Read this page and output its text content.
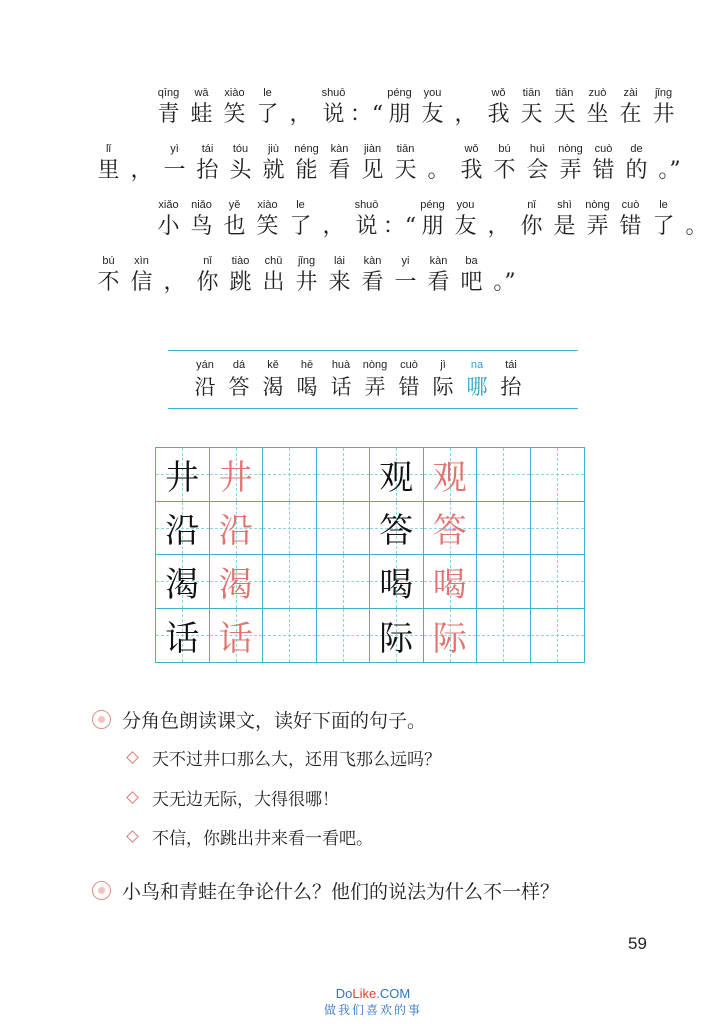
qīng
青
wā
蛙
xiào
笑
le
了 ，
shuō
说 ：“
péng
朋
you
友 ，
wǒ
我
tiān
天
tiān
天
zuò
坐
zài
在
jǐng
井
lǐ
里 ，
yì
一
tái
抬
tóu
头
jiù
就
néng
能
kàn
看
jiàn
见
tiān
天 。
wǒ
我
bú
不
huì
会
nòng
弄
cuò
错
de
的 。”
xiǎo
小
niǎo
鸟
yě
也
xiào
笑
le
了 ，
shuō
说 ：“
péng
朋
you
友 ，
nǐ
你
shì
是
nòng
弄
cuò
错
le
了 。
bú
不
xìn
信 ，
nǐ
你
tiào
跳
chū
出
jǐng
井
lái
来
kàn
看
yi
一
kàn
看
ba
吧 。”
yán
沿
dá
答
kě
渴
hē
喝
huà
话
nòng
弄
cuò
错
jì
际
na
哪
tái
抬
井 井
沿 沿
渴 渴
话 话
观 观
答 答
喝 喝
际 际
分角色朗读课文，读好下面的句子。
天不过井口那么大，还用飞那么远吗？
天无边无际，大得很哪！
不信，你跳出井来看一看吧。
小鸟和青蛙在争论什么？他们的说法为什么不一样？
59
DoLike.COM
做我们喜欢的事
